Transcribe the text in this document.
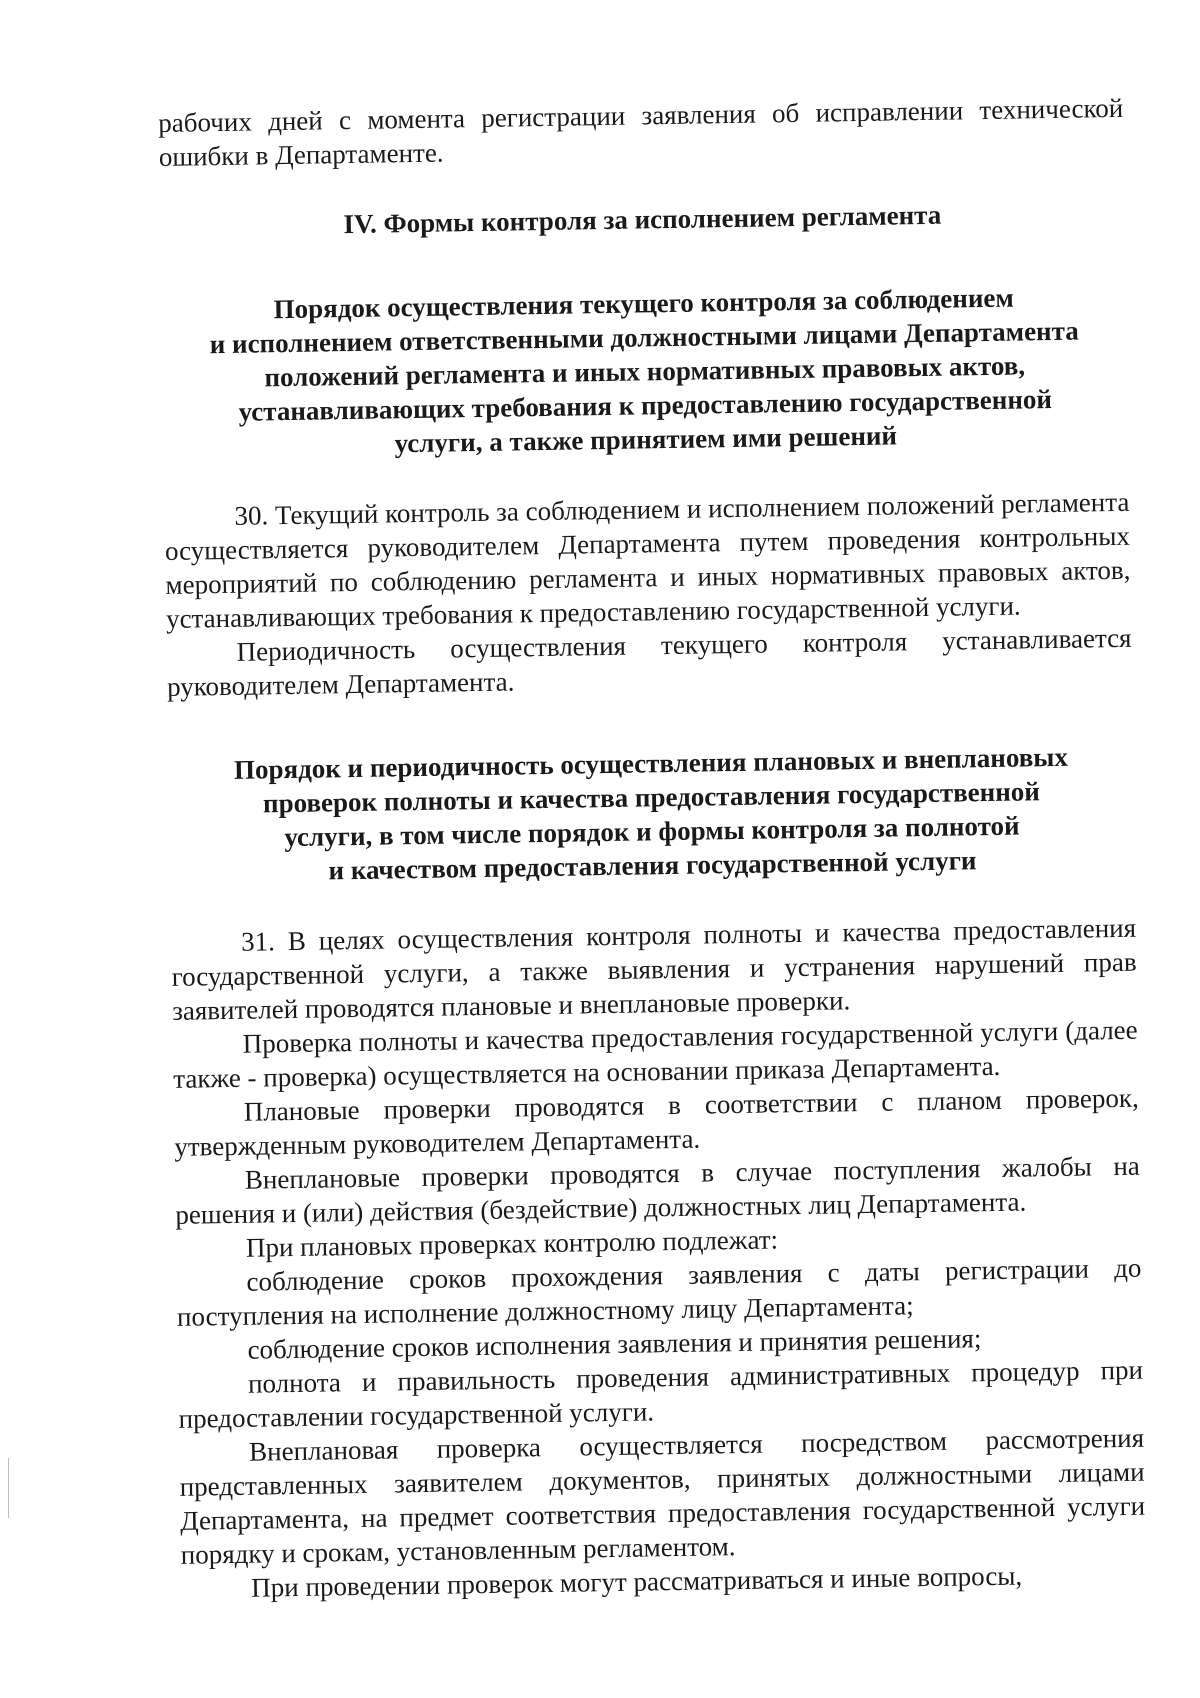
рабочих дней с момента регистрации заявления об исправлении технической ошибки в Департаменте.

IV. Формы контроля за исполнением регламента

Порядок осуществления текущего контроля за соблюдением
и исполнением ответственными должностными лицами Департамента
положений регламента и иных нормативных правовых актов,
устанавливающих требования к предоставлению государственной
услуги, а также принятием ими решений

30. Текущий контроль за соблюдением и исполнением положений регламента осуществляется руководителем Департамента путем проведения контрольных мероприятий по соблюдению регламента и иных нормативных правовых актов, устанавливающих требования к предоставлению государственной услуги.

Периодичность осуществления текущего контроля устанавливается руководителем Департамента.

Порядок и периодичность осуществления плановых и внеплановых
проверок полноты и качества предоставления государственной
услуги, в том числе порядок и формы контроля за полнотой
и качеством предоставления государственной услуги

31. В целях осуществления контроля полноты и качества предоставления государственной услуги, а также выявления и устранения нарушений прав заявителей проводятся плановые и внеплановые проверки.

Проверка полноты и качества предоставления государственной услуги (далее также - проверка) осуществляется на основании приказа Департамента.

Плановые проверки проводятся в соответствии с планом проверок, утвержденным руководителем Департамента.

Внеплановые проверки проводятся в случае поступления жалобы на решения и (или) действия (бездействие) должностных лиц Департамента.

При плановых проверках контролю подлежат:

соблюдение сроков прохождения заявления с даты регистрации до поступления на исполнение должностному лицу Департамента;

соблюдение сроков исполнения заявления и принятия решения;

полнота и правильность проведения административных процедур при предоставлении государственной услуги.

Внеплановая проверка осуществляется посредством рассмотрения представленных заявителем документов, принятых должностными лицами Департамента, на предмет соответствия предоставления государственной услуги порядку и срокам, установленным регламентом.

При проведении проверок могут рассматриваться и иные вопросы,
